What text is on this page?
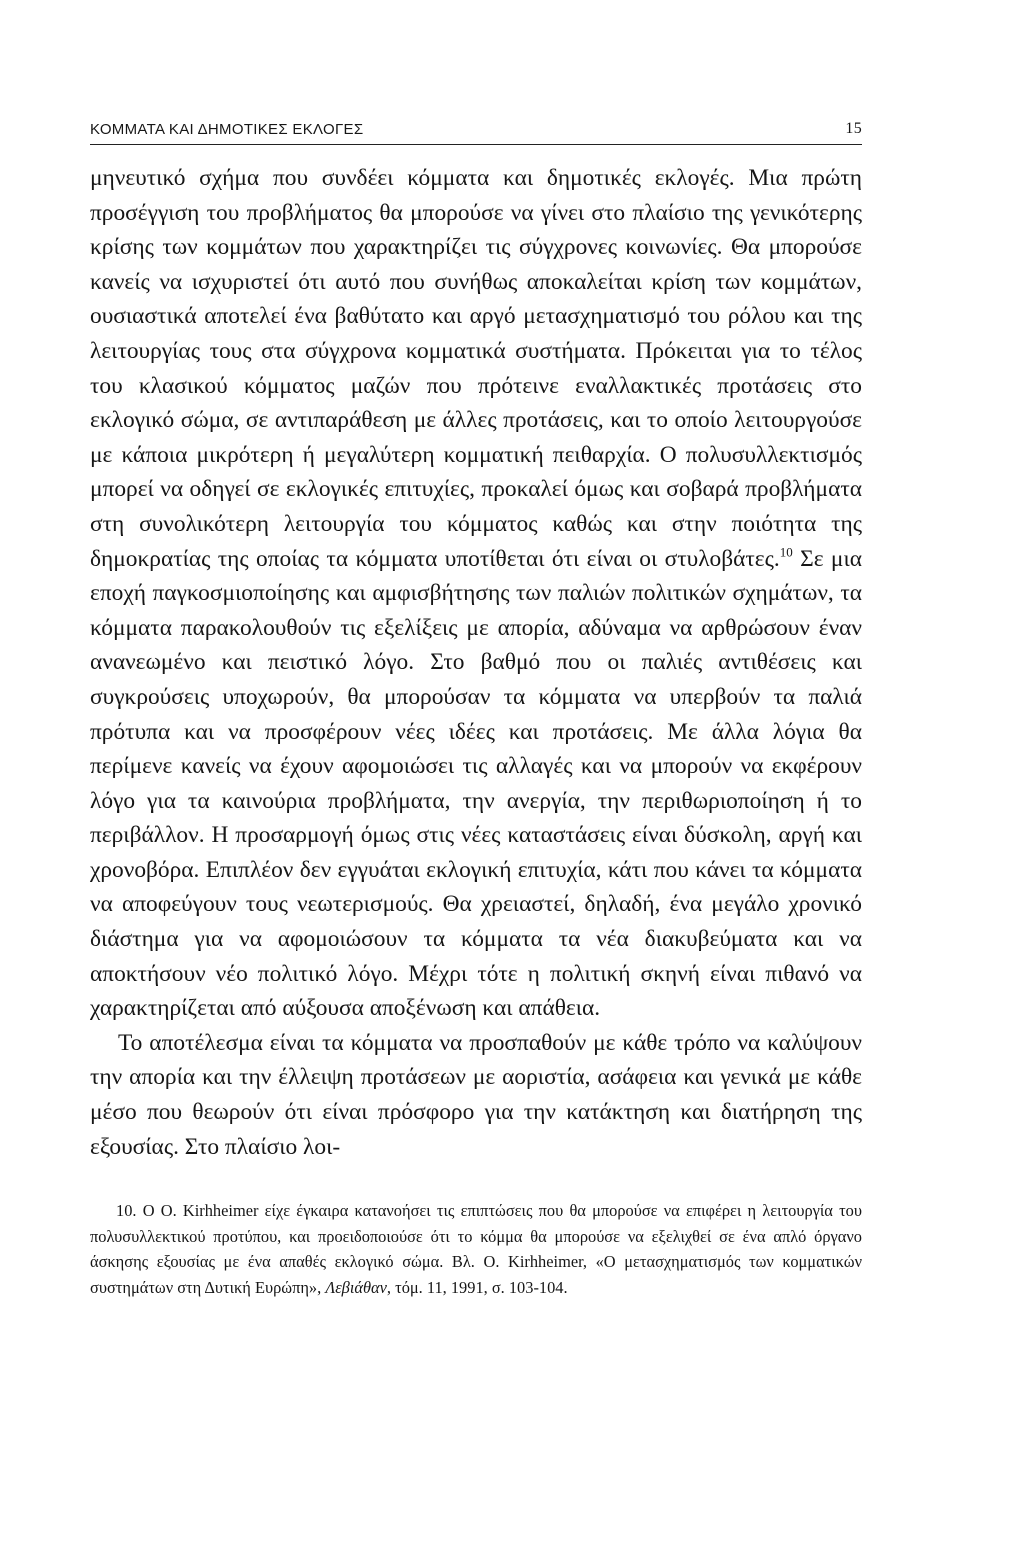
ΚΟΜΜΑΤΑ ΚΑΙ ΔΗΜΟΤΙΚΕΣ ΕΚΛΟΓΕΣ	15

μηνευτικό σχήμα που συνδέει κόμματα και δημοτικές εκλογές. Μια πρώτη προσέγγιση του προβλήματος θα μπορούσε να γίνει στο πλαίσιο της γενικότερης κρίσης των κομμάτων που χαρακτηρίζει τις σύγχρονες κοινωνίες. Θα μπορούσε κανείς να ισχυριστεί ότι αυτό που συνήθως αποκαλείται κρίση των κομμάτων, ουσιαστικά αποτελεί ένα βαθύτατο και αργό μετασχηματισμό του ρόλου και της λειτουργίας τους στα σύγχρονα κομματικά συστήματα. Πρόκειται για το τέλος του κλασικού κόμματος μαζών που πρότεινε εναλλακτικές προτάσεις στο εκλογικό σώμα, σε αντιπαράθεση με άλλες προτάσεις, και το οποίο λειτουργούσε με κάποια μικρότερη ή μεγαλύτερη κομματική πειθαρχία. Ο πολυσυλλεκτισμός μπορεί να οδηγεί σε εκλογικές επιτυχίες, προκαλεί όμως και σοβαρά προβλήματα στη συνολικότερη λειτουργία του κόμματος καθώς και στην ποιότητα της δημοκρατίας της οποίας τα κόμματα υποτίθεται ότι είναι οι στυλοβάτες.$^{10}$ Σε μια εποχή παγκοσμιοποίησης και αμφισβήτησης των παλιών πολιτικών σχημάτων, τα κόμματα παρακολουθούν τις εξελίξεις με απορία, αδύναμα να αρθρώσουν έναν ανανεωμένο και πειστικό λόγο. Στο βαθμό που οι παλιές αντιθέσεις και συγκρούσεις υποχωρούν, θα μπορούσαν τα κόμματα να υπερβούν τα παλιά πρότυπα και να προσφέρουν νέες ιδέες και προτάσεις. Με άλλα λόγια θα περίμενε κανείς να έχουν αφομοιώσει τις αλλαγές και να μπορούν να εκφέρουν λόγο για τα καινούρια προβλήματα, την ανεργία, την περιθωριοποίηση ή το περιβάλλον. Η προσαρμογή όμως στις νέες καταστάσεις είναι δύσκολη, αργή και χρονοβόρα. Επιπλέον δεν εγγυάται εκλογική επιτυχία, κάτι που κάνει τα κόμματα να αποφεύγουν τους νεωτερισμούς. Θα χρειαστεί, δηλαδή, ένα μεγάλο χρονικό διάστημα για να αφομοιώσουν τα κόμματα τα νέα διακυβεύματα και να αποκτήσουν νέο πολιτικό λόγο. Μέχρι τότε η πολιτική σκηνή είναι πιθανό να χαρακτηρίζεται από αύξουσα αποξένωση και απάθεια.

Το αποτέλεσμα είναι τα κόμματα να προσπαθούν με κάθε τρόπο να καλύψουν την απορία και την έλλειψη προτάσεων με αοριστία, ασάφεια και γενικά με κάθε μέσο που θεωρούν ότι είναι πρόσφορο για την κατάκτηση και διατήρηση της εξουσίας. Στο πλαίσιο λοι-

10. Ο Ο. Kirhheimer είχε έγκαιρα κατανοήσει τις επιπτώσεις που θα μπορούσε να επιφέρει η λειτουργία του πολυσυλλεκτικού προτύπου, και προειδοποιούσε ότι το κόμμα θα μπορούσε να εξελιχθεί σε ένα απλό όργανο άσκησης εξουσίας με ένα απαθές εκλογικό σώμα. Βλ. Ο. Kirhheimer, «Ο μετασχηματισμός των κομματικών συστημάτων στη Δυτική Ευρώπη», Λεβιάθαν, τόμ. 11, 1991, σ. 103-104.
